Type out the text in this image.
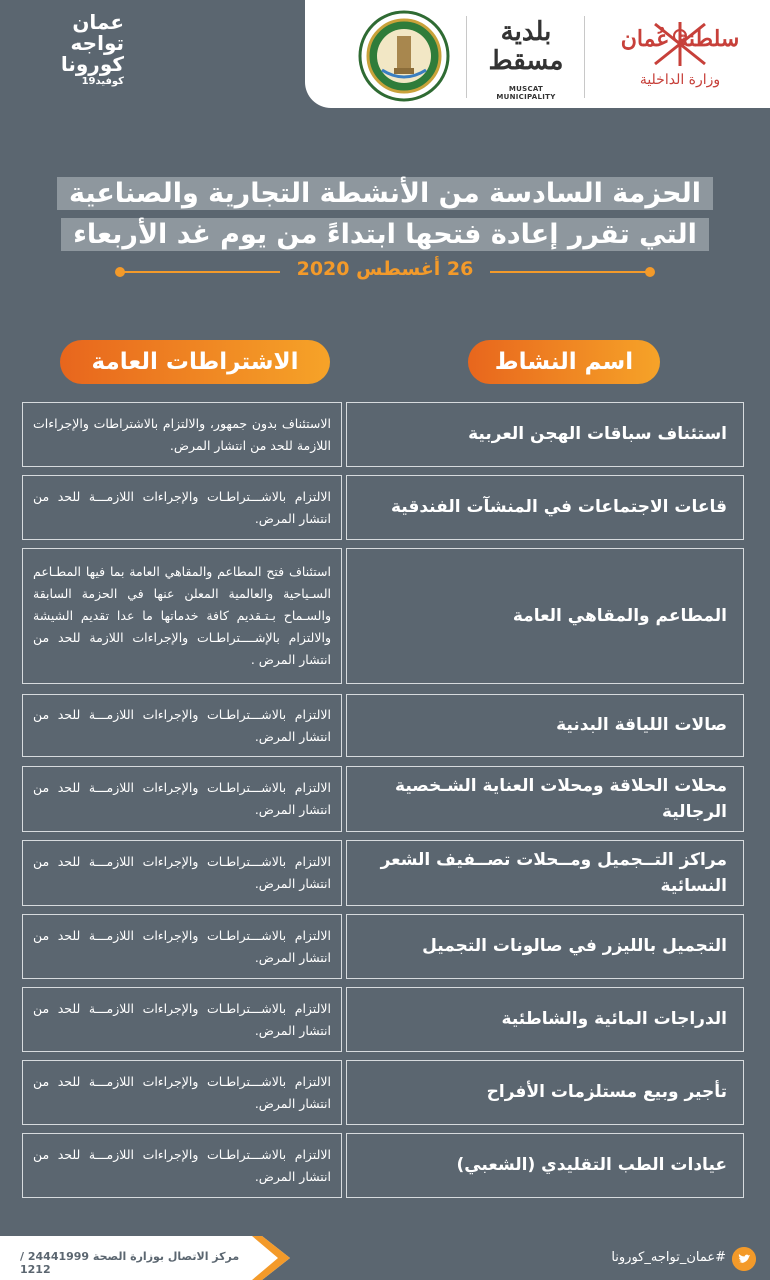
عمان
تواجه
كورونا
كوفيد19
بلدية مسقط
MUSCAT MUNICIPALITY
سلطنة عُمان
وزارة الداخلية
الحزمة السادسة من الأنشطة التجارية والصناعية
التي تقرر إعادة فتحها ابتداءً من يوم غد الأربعاء
26 أغسطس 2020
اسم النشاط
الاشتراطات العامة
استئناف سباقات الهجن العربية
الاستئناف بدون جمهور، والالتزام بالاشتراطات والإجراءات اللازمة للحد من انتشار المرض.
قاعات الاجتماعات في المنشآت الفندقية
الالتزام بالاشـــتراطـات والإجراءات اللازمـــة للحد من انتشار المرض.
المطاعم والمقاهي العامة
استئناف فتح المطاعم والمقاهي العامة بما فيها المطـاعم السـياحية والعالمية المعلن عنها في الحزمة السابقة والسـماح بـتـقديم كافة خدماتها ما عدا تقديم الشيشة والالتزام بالإشــــتراطـات والإجراءات اللازمة للحد من انتشار المرض .
صالات اللياقة البدنية
الالتزام بالاشـــتراطـات والإجراءات اللازمـــة للحد من انتشار المرض.
محلات الحلاقة ومحلات العناية الشـخصية الرجالية
الالتزام بالاشـــتراطـات والإجراءات اللازمـــة للحد من انتشار المرض.
مراكز التــجميل ومــحلات تصــفيف الشعر النسائية
الالتزام بالاشـــتراطـات والإجراءات اللازمـــة للحد من انتشار المرض.
التجميل بالليزر في صالونات التجميل
الالتزام بالاشـــتراطـات والإجراءات اللازمـــة للحد من انتشار المرض.
الدراجات المائية والشاطئية
الالتزام بالاشـــتراطـات والإجراءات اللازمـــة للحد من انتشار المرض.
تأجير وبيع مستلزمات الأفراح
الالتزام بالاشـــتراطـات والإجراءات اللازمـــة للحد من انتشار المرض.
عيادات الطب التقليدي (الشعبي)
الالتزام بالاشـــتراطـات والإجراءات اللازمـــة للحد من انتشار المرض.
مركز الاتصال بوزارة الصحة 24441999 / 1212
#عمان_تواجه_كورونا
